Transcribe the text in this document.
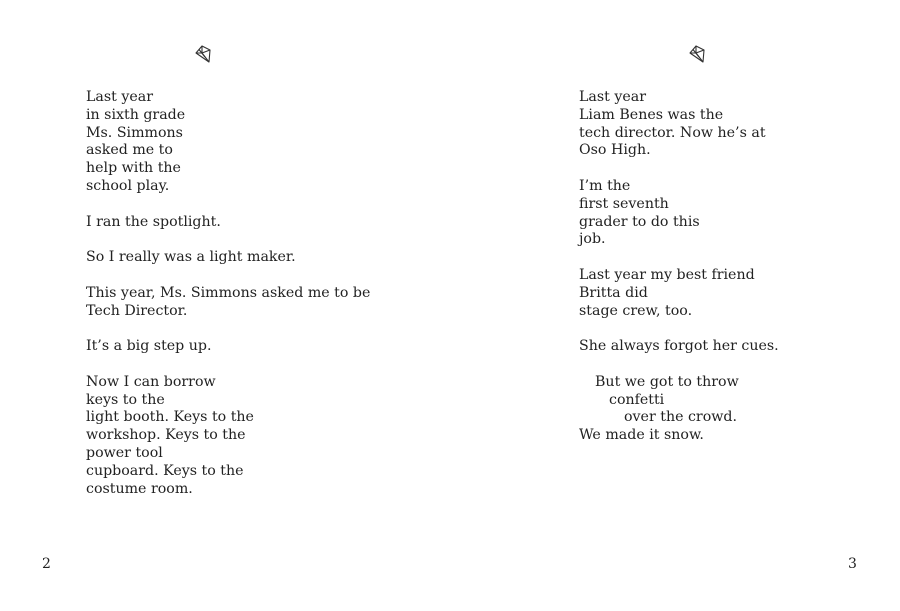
Last year
in sixth grade
Ms. Simmons
asked me to
help with the
school play.
I ran the spotlight.
So I really was a light maker.
This year, Ms. Simmons asked me to be
Tech Director.
It’s a big step up.
Now I can borrow
keys to the
light booth. Keys to the
workshop. Keys to the
power tool
cupboard. Keys to the
costume room.
2
Last year
Liam Benes was the
tech director. Now he’s at
Oso High.
I’m the
first seventh
grader to do this
job.
Last year my best friend
Britta did
stage crew, too.
She always forgot her cues.
But we got to throw
confetti
over the crowd.
We made it snow.
3
